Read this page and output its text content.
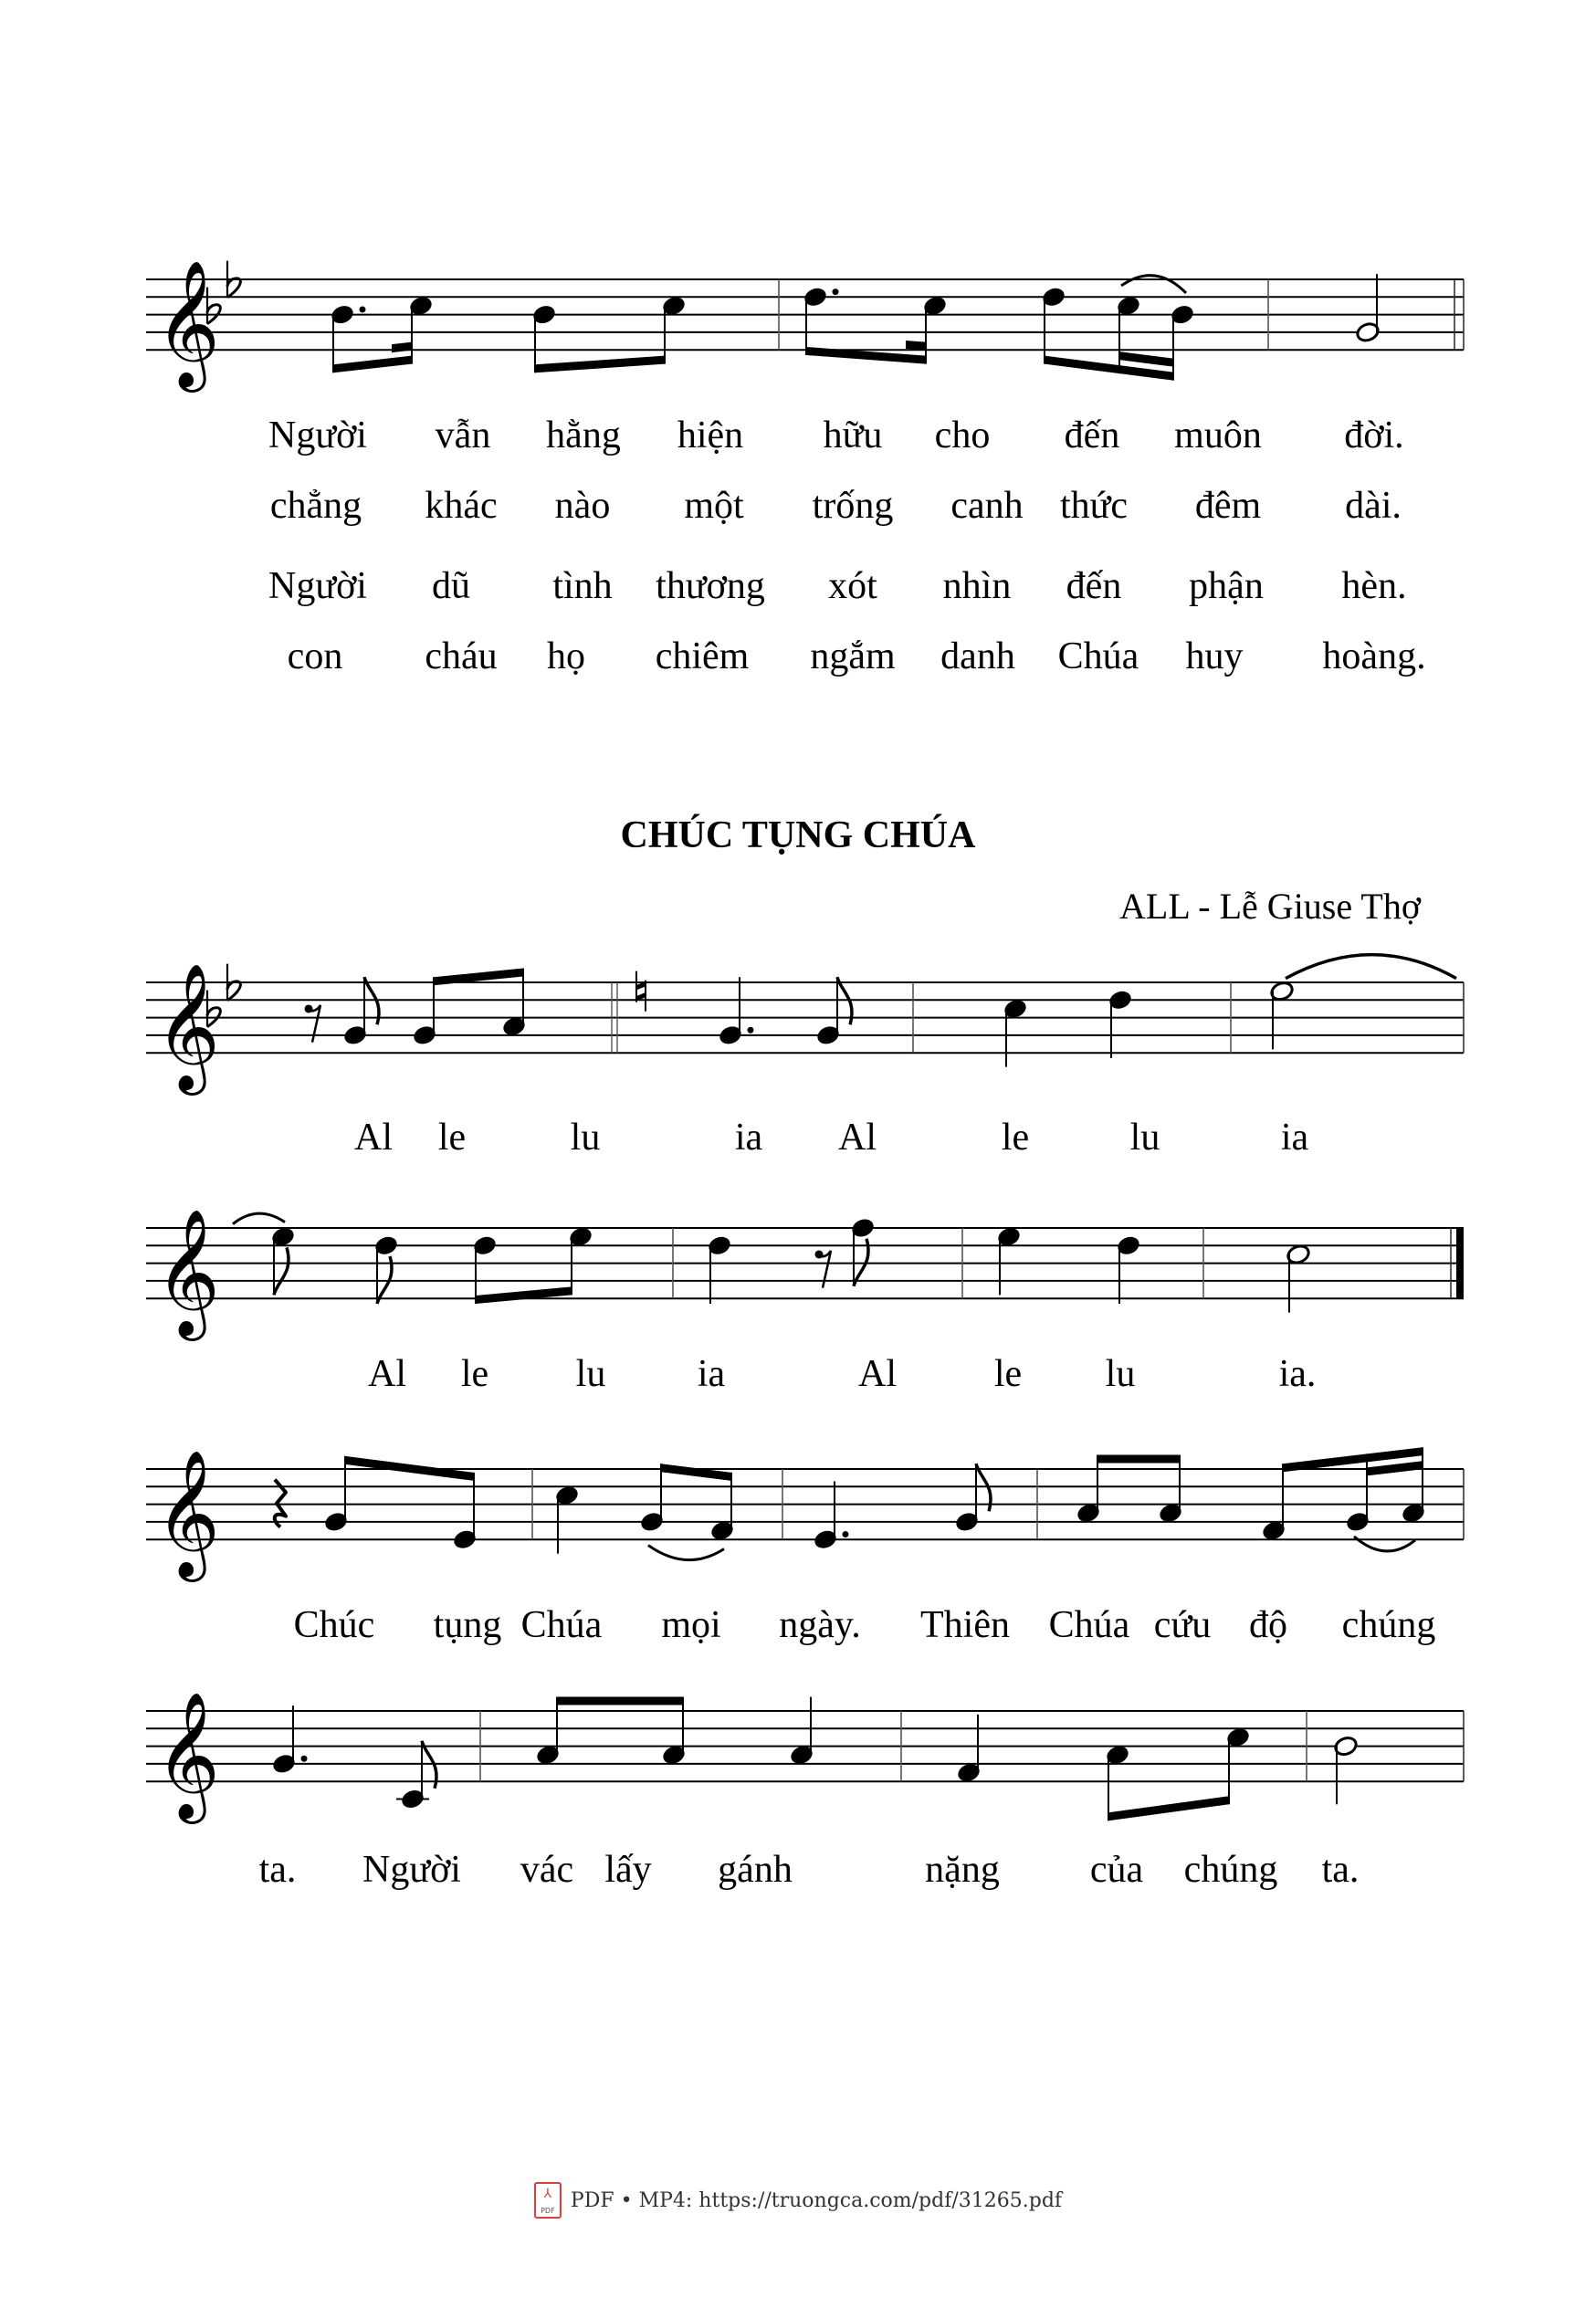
𝄞
Người vẫn hằng hiện hữu cho đến muôn đời.
chẳng khác nào một trống canh thức đêm dài.
Người dũ tình thương xót nhìn đến phận hèn.
con cháu họ chiêm ngắm danh Chúa huy hoàng.
𝄞
Al le	lu	ia Al	le	lu	ia
𝄞
Al le lu ia	Al	le lu	ia.
𝄞
Chúc tụng Chúa mọi ngày. Thiên Chúa cứu độ chúng
𝄞
ta. Người vác lấy gánh	nặng của chúng ta.
CHÚC TỤNG CHÚA
ALL - Lễ Giuse Thợ
⅄
PDF PDF • MP4: https://truongca.com/pdf/31265.pdf
